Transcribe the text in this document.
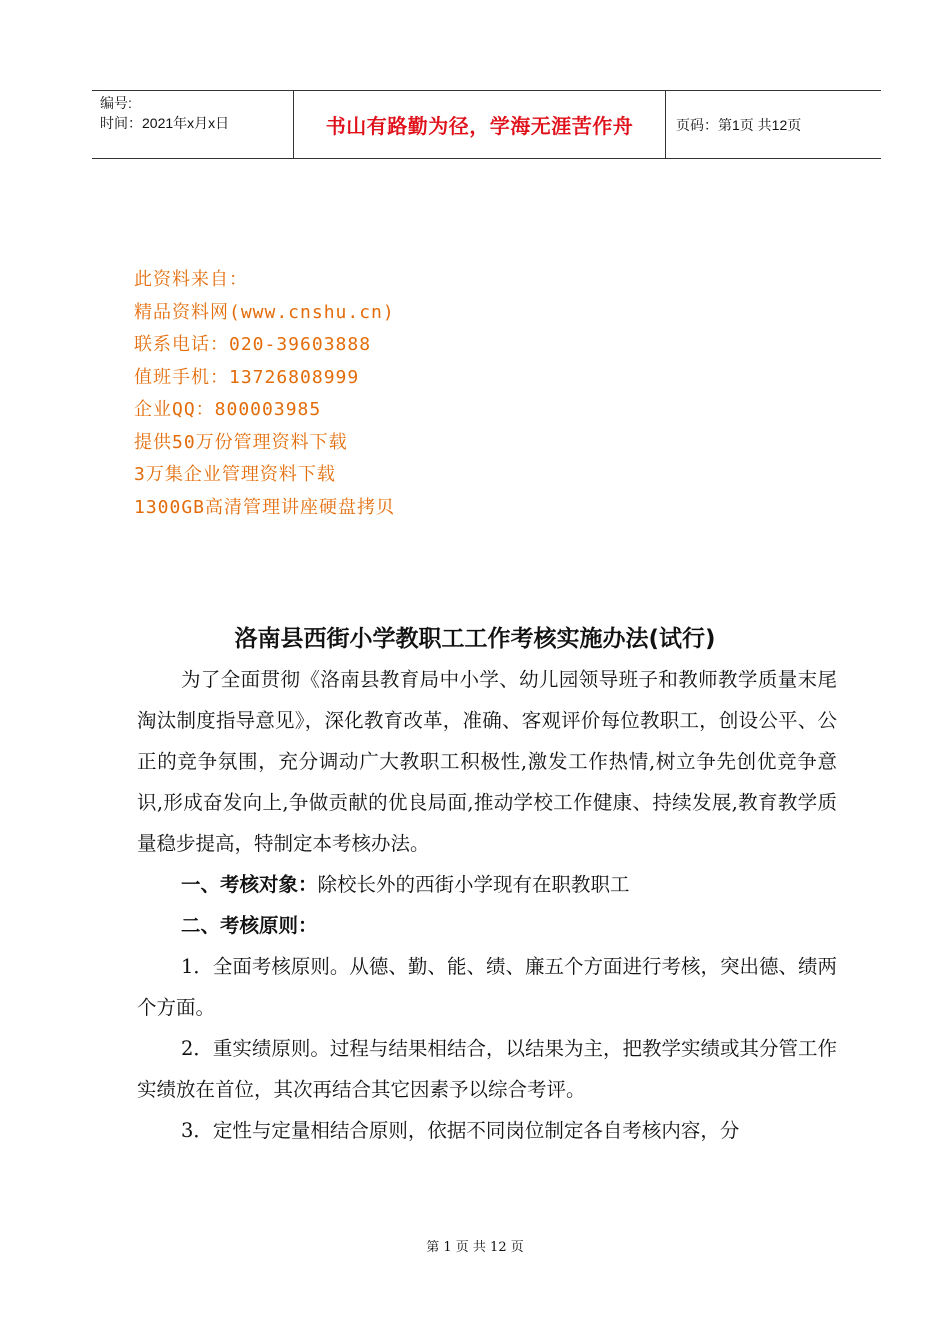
编号:
时间：2021年x月x日	书山有路勤为径，学海无涯苦作舟	页码：第1页 共12页
此资料来自：
精品资料网(www.cnshu.cn)
联系电话：020-39603888
值班手机：13726808999
企业QQ：800003985
提供50万份管理资料下载
3万集企业管理资料下载
1300GB高清管理讲座硬盘拷贝
洛南县西街小学教职工工作考核实施办法(试行)

为了全面贯彻《洛南县教育局中小学、幼儿园领导班子和教师教学质量末尾淘汰制度指导意见》，深化教育改革，准确、客观评价每位教职工，创设公平、公正的竞争氛围，充分调动广大教职工积极性,激发工作热情,树立争先创优竞争意识,形成奋发向上,争做贡献的优良局面,推动学校工作健康、持续发展,教育教学质量稳步提高，特制定本考核办法。

一、考核对象：除校长外的西街小学现有在职教职工

二、考核原则：

1．全面考核原则。从德、勤、能、绩、廉五个方面进行考核，突出德、绩两个方面。

2．重实绩原则。过程与结果相结合，以结果为主，把教学实绩或其分管工作实绩放在首位，其次再结合其它因素予以综合考评。

3．定性与定量相结合原则，依据不同岗位制定各自考核内容，分

第 1 页 共 12 页
